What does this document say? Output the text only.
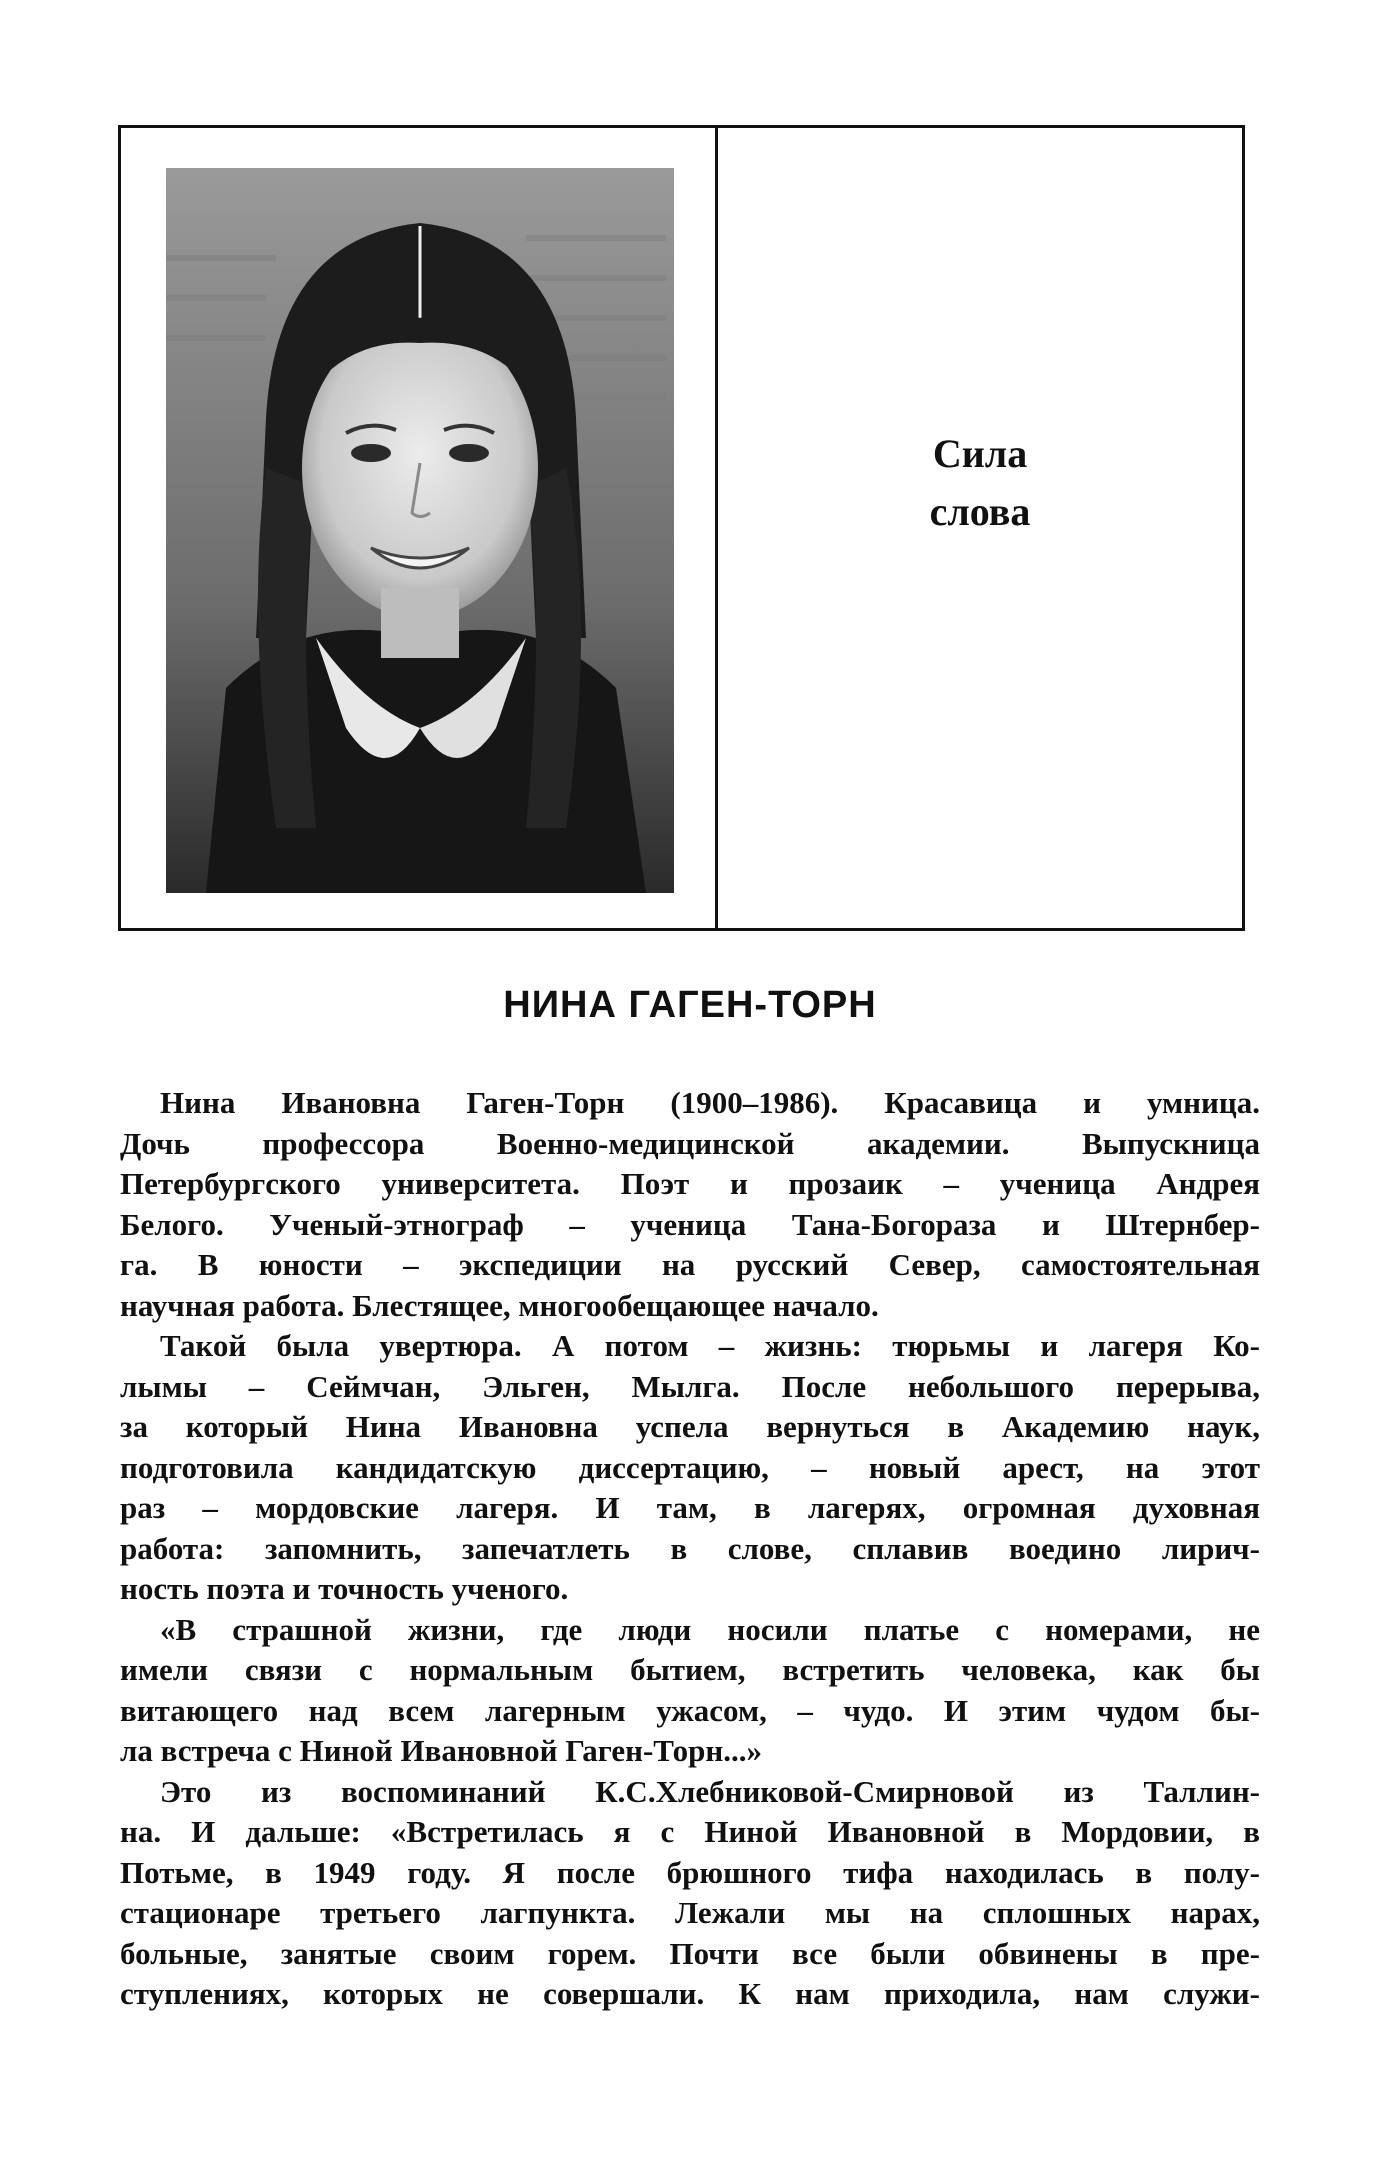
Сила
слова
НИНА ГАГЕН-ТОРН
Нина Ивановна Гаген-Торн (1900–1986). Красавица и умница.
Дочь профессора Военно-медицинской академии. Выпускница
Петербургского университета. Поэт и прозаик – ученица Андрея
Белого. Ученый-этнограф – ученица Тана-Богораза и Штернбер-
га. В юности – экспедиции на русский Север, самостоятельная
научная работа. Блестящее, многообещающее начало.
Такой была увертюра. А потом – жизнь: тюрьмы и лагеря Ко-
лымы – Сеймчан, Эльген, Мылга. После небольшого перерыва,
за который Нина Ивановна успела вернуться в Академию наук,
подготовила кандидатскую диссертацию, – новый арест, на этот
раз – мордовские лагеря. И там, в лагерях, огромная духовная
работа: запомнить, запечатлеть в слове, сплавив воедино лирич-
ность поэта и точность ученого.
«В страшной жизни, где люди носили платье с номерами, не
имели связи с нормальным бытием, встретить человека, как бы
витающего над всем лагерным ужасом, – чудо. И этим чудом бы-
ла встреча с Ниной Ивановной Гаген-Торн...»
Это из воспоминаний К.С.Хлебниковой-Смирновой из Таллин-
на. И дальше: «Встретилась я с Ниной Ивановной в Мордовии, в
Потьме, в 1949 году. Я после брюшного тифа находилась в полу-
стационаре третьего лагпункта. Лежали мы на сплошных нарах,
больные, занятые своим горем. Почти все были обвинены в пре-
ступлениях, которых не совершали. К нам приходила, нам служи-
